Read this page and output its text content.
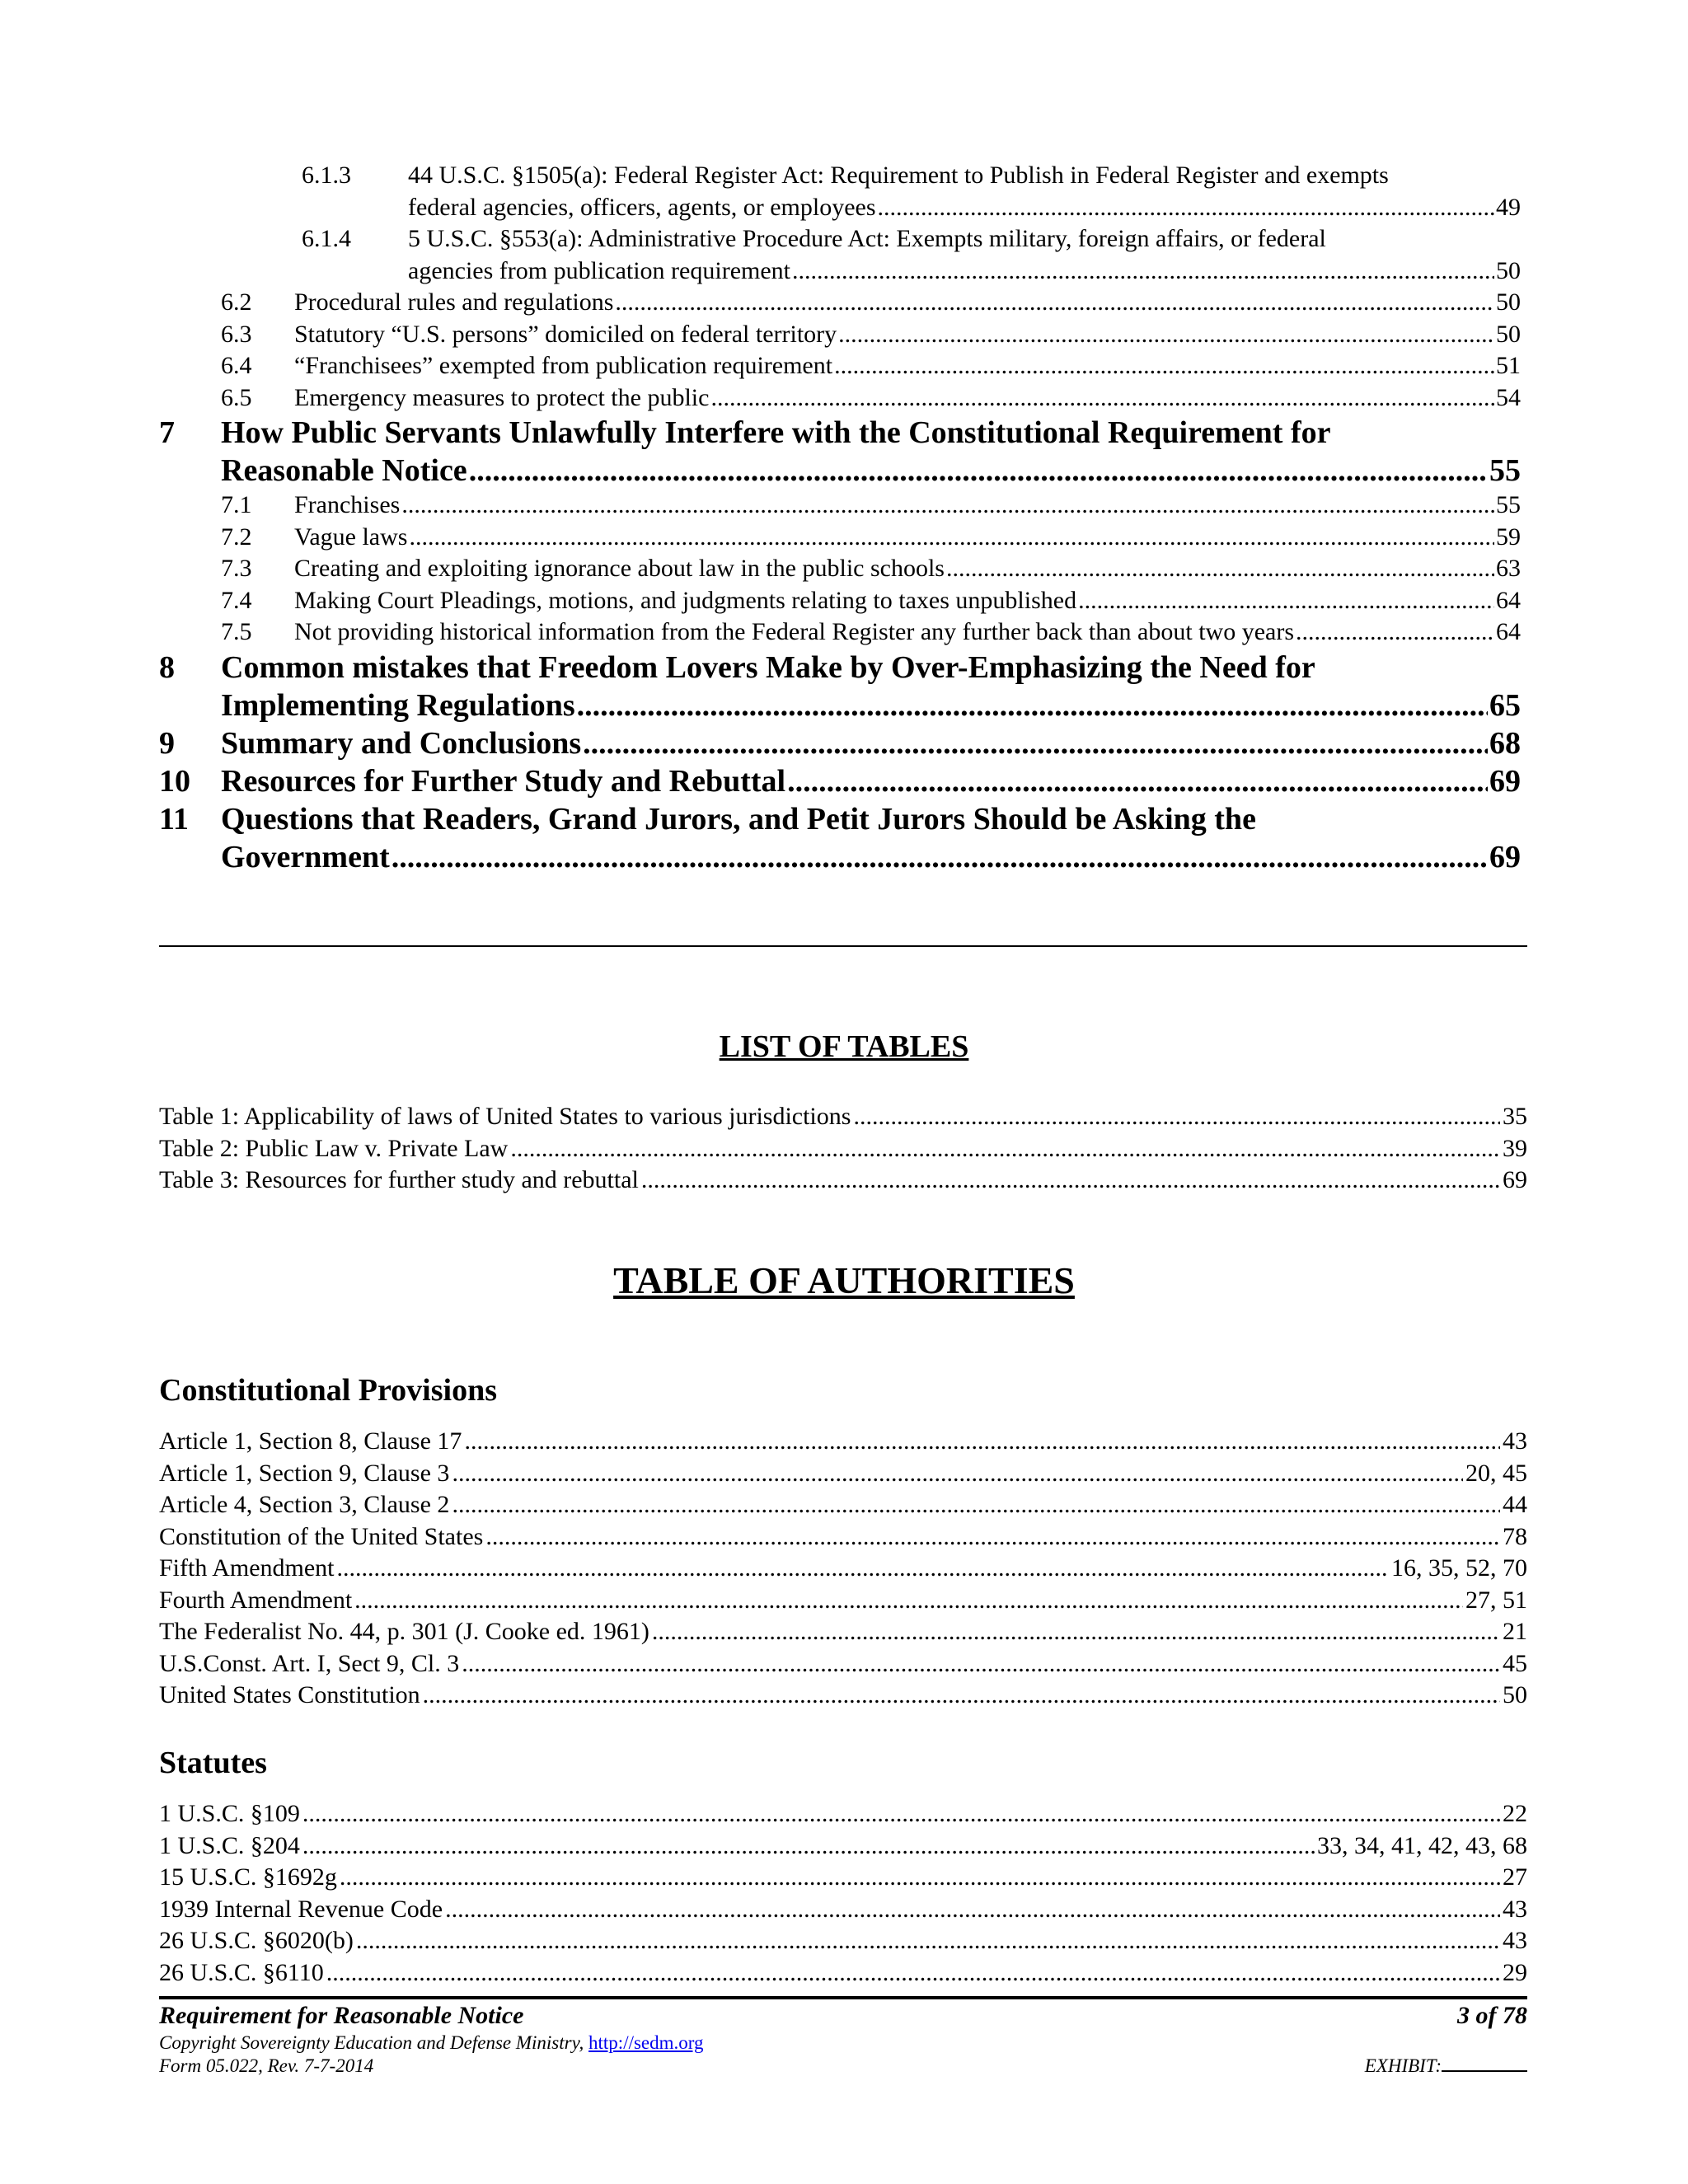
6.1.3 44 U.S.C. §1505(a): Federal Register Act: Requirement to Publish in Federal Register and exempts
federal agencies, officers, agents, or employees .....	49
6.1.4 5 U.S.C. §553(a): Administrative Procedure Act: Exempts military, foreign affairs, or federal
agencies from publication requirement .....	50
6.2 Procedural rules and regulations .....	50
6.3 Statutory “U.S. persons” domiciled on federal territory .....	50
6.4 “Franchisees” exempted from publication requirement .....	51
6.5 Emergency measures to protect the public .....	54
7 How Public Servants Unlawfully Interfere with the Constitutional Requirement for
Reasonable Notice .....	55
7.1 Franchises .....	55
7.2 Vague laws .....	59
7.3 Creating and exploiting ignorance about law in the public schools .....	63
7.4 Making Court Pleadings, motions, and judgments relating to taxes unpublished .....	64
7.5 Not providing historical information from the Federal Register any further back than about two years .....	64
8 Common mistakes that Freedom Lovers Make by Over-Emphasizing the Need for
Implementing Regulations .....	65
9 Summary and Conclusions .....	68
10 Resources for Further Study and Rebuttal .....	69
11 Questions that Readers, Grand Jurors, and Petit Jurors Should be Asking the
Government .....	69
LIST OF TABLES
Table 1: Applicability of laws of United States to various jurisdictions .....	35
Table 2: Public Law v. Private Law .....	39
Table 3: Resources for further study and rebuttal .....	69
TABLE OF AUTHORITIES
Constitutional Provisions
Article 1, Section 8, Clause 17 .....	43
Article 1, Section 9, Clause 3 .....	20, 45
Article 4, Section 3, Clause 2 .....	44
Constitution of the United States .....	78
Fifth Amendment .....	16, 35, 52, 70
Fourth Amendment .....	27, 51
The Federalist No. 44, p. 301 (J. Cooke ed. 1961) .....	21
U.S.Const. Art. I, Sect 9, Cl. 3 .....	45
United States Constitution .....	50
Statutes
1 U.S.C. §109 .....	22
1 U.S.C. §204 .....	33, 34, 41, 42, 43, 68
15 U.S.C. §1692g .....	27
1939 Internal Revenue Code .....	43
26 U.S.C. §6020(b) .....	43
26 U.S.C. §6110 .....	29
Requirement for Reasonable Notice	3 of 78
Copyright Sovereignty Education and Defense Ministry, http://sedm.org
Form 05.022, Rev. 7-7-2014	EXHIBIT:
